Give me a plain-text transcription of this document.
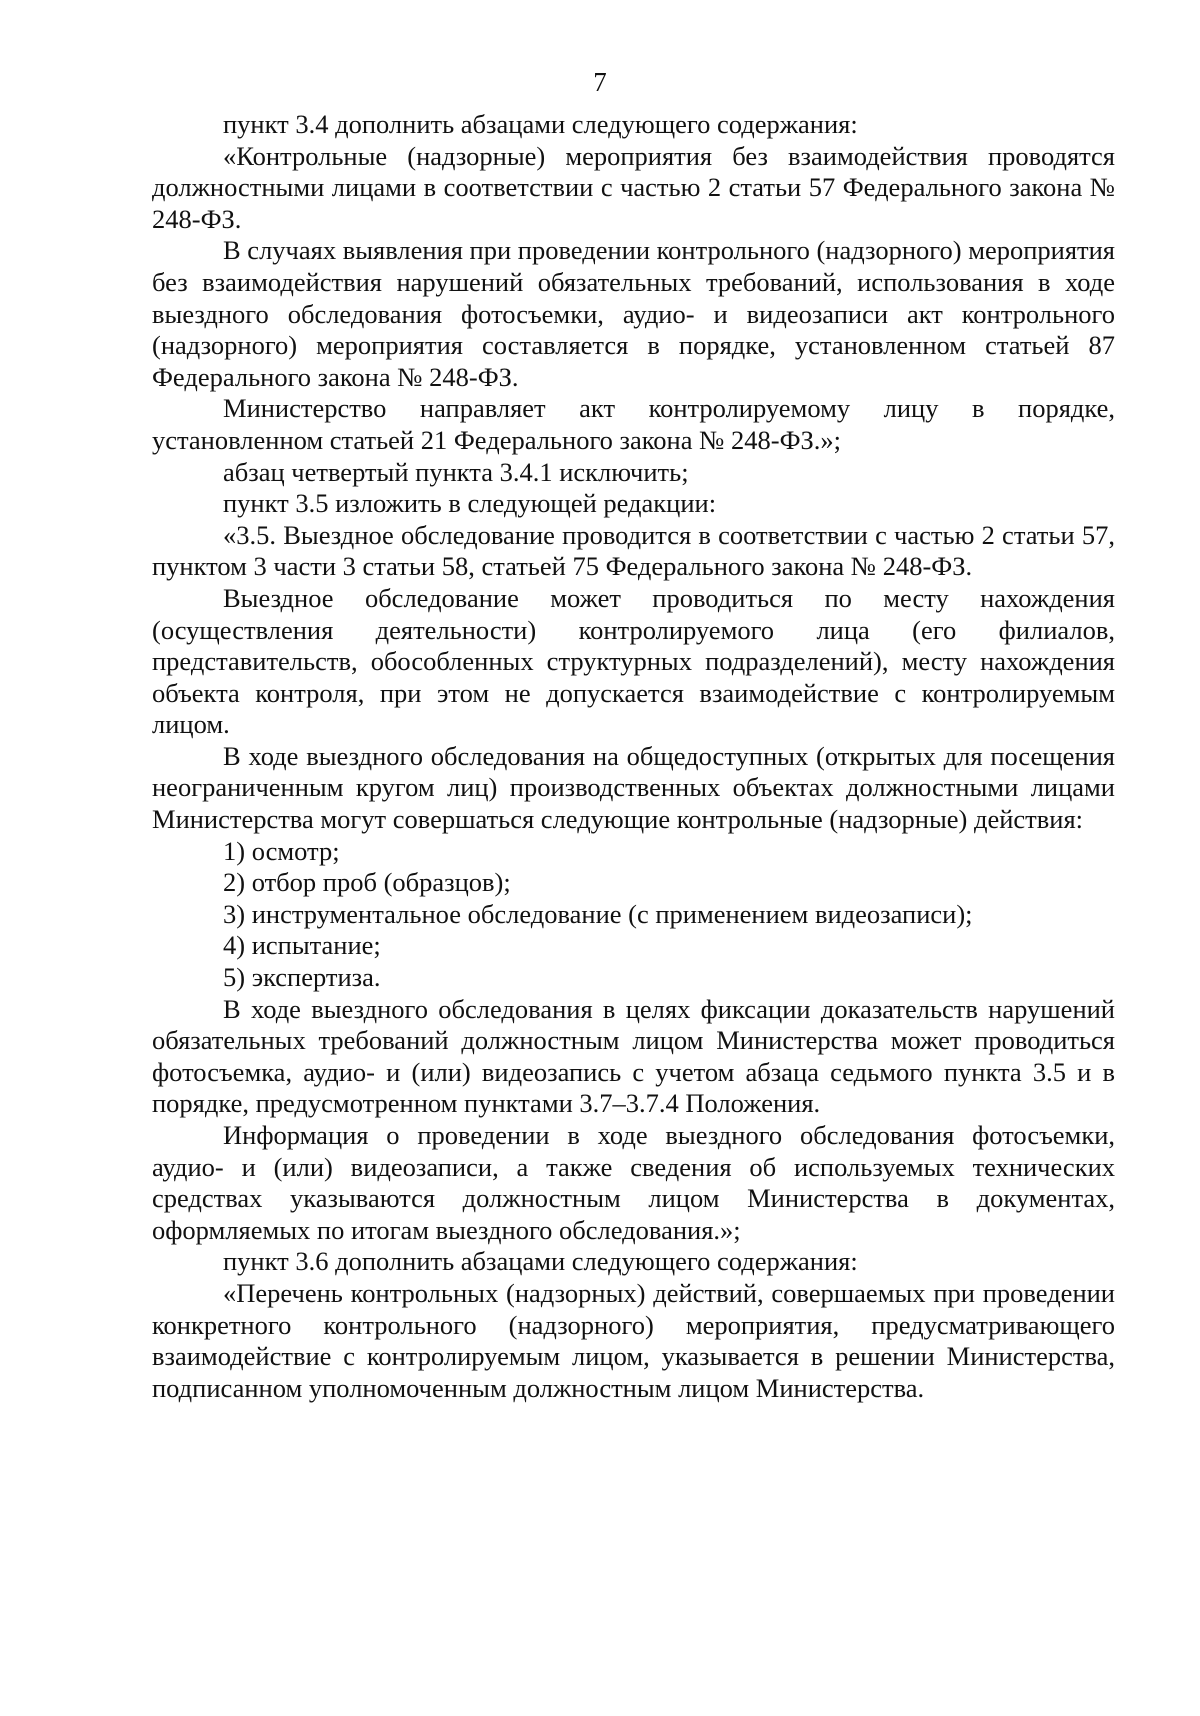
7

пункт 3.4 дополнить абзацами следующего содержания:

«Контрольные (надзорные) мероприятия без взаимодействия проводятся должностными лицами в соответствии с частью 2 статьи 57 Федерального закона № 248-ФЗ.

В случаях выявления при проведении контрольного (надзорного) мероприятия без взаимодействия нарушений обязательных требований, использования в ходе выездного обследования фотосъемки, аудио- и видеозаписи акт контрольного (надзорного) мероприятия составляется в порядке, установленном статьей 87 Федерального закона № 248-ФЗ.

Министерство направляет акт контролируемому лицу в порядке, установленном статьей 21 Федерального закона № 248-ФЗ.»;

абзац четвертый пункта 3.4.1 исключить;

пункт 3.5 изложить в следующей редакции:

«3.5. Выездное обследование проводится в соответствии с частью 2 статьи 57, пунктом 3 части 3 статьи 58, статьей 75 Федерального закона № 248-ФЗ.

Выездное обследование может проводиться по месту нахождения (осуществления деятельности) контролируемого лица (его филиалов, представительств, обособленных структурных подразделений), месту нахождения объекта контроля, при этом не допускается взаимодействие с контролируемым лицом.

В ходе выездного обследования на общедоступных (открытых для посещения неограниченным кругом лиц) производственных объектах должностными лицами Министерства могут совершаться следующие контрольные (надзорные) действия:

1) осмотр;

2) отбор проб (образцов);

3) инструментальное обследование (с применением видеозаписи);

4) испытание;

5) экспертиза.

В ходе выездного обследования в целях фиксации доказательств нарушений обязательных требований должностным лицом Министерства может проводиться фотосъемка, аудио- и (или) видеозапись с учетом абзаца седьмого пункта 3.5 и в порядке, предусмотренном пунктами 3.7–3.7.4 Положения.

Информация о проведении в ходе выездного обследования фотосъемки, аудио- и (или) видеозаписи, а также сведения об используемых технических средствах указываются должностным лицом Министерства в документах, оформляемых по итогам выездного обследования.»;

пункт 3.6 дополнить абзацами следующего содержания:

«Перечень контрольных (надзорных) действий, совершаемых при проведении конкретного контрольного (надзорного) мероприятия, предусматривающего взаимодействие с контролируемым лицом, указывается в решении Министерства, подписанном уполномоченным должностным лицом Министерства.
